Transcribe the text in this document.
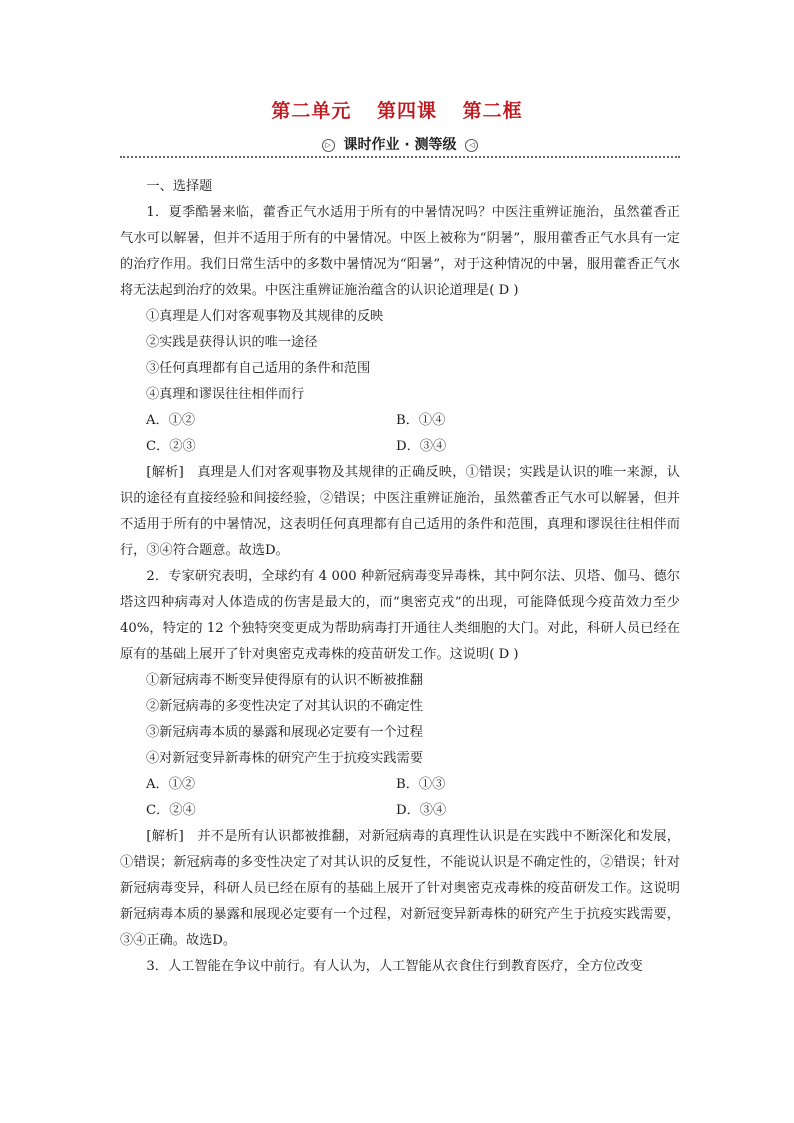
第二单元 第四课 第二框
▷ 课时作业 · 测等级 ◁

一、选择题

1．夏季酷暑来临，藿香正气水适用于所有的中暑情况吗？中医注重辨证施治，虽然藿香正气水可以解暑，但并不适用于所有的中暑情况。中医上被称为“阴暑”，服用藿香正气水具有一定的治疗作用。我们日常生活中的多数中暑情况为“阳暑”，对于这种情况的中暑，服用藿香正气水将无法起到治疗的效果。中医注重辨证施治蕴含的认识论道理是( D )

①真理是人们对客观事物及其规律的反映

②实践是获得认识的唯一途径

③任何真理都有自己适用的条件和范围

④真理和谬误往往相伴而行

A．①②	B．①④
C．②③	D．③④

[解析]　真理是人们对客观事物及其规律的正确反映，①错误；实践是认识的唯一来源，认识的途径有直接经验和间接经验，②错误；中医注重辨证施治，虽然藿香正气水可以解暑，但并不适用于所有的中暑情况，这表明任何真理都有自己适用的条件和范围，真理和谬误往往相伴而行，③④符合题意。故选D。

2．专家研究表明，全球约有 4 000 种新冠病毒变异毒株，其中阿尔法、贝塔、伽马、德尔塔这四种病毒对人体造成的伤害是最大的，而“奥密克戎”的出现，可能降低现今疫苗效力至少 40%，特定的 12 个独特突变更成为帮助病毒打开通往人类细胞的大门。对此，科研人员已经在原有的基础上展开了针对奥密克戎毒株的疫苗研发工作。这说明( D )

①新冠病毒不断变异使得原有的认识不断被推翻

②新冠病毒的多变性决定了对其认识的不确定性

③新冠病毒本质的暴露和展现必定要有一个过程

④对新冠变异新毒株的研究产生于抗疫实践需要

A．①②	B．①③
C．②④	D．③④

[解析]　并不是所有认识都被推翻，对新冠病毒的真理性认识是在实践中不断深化和发展，①错误；新冠病毒的多变性决定了对其认识的反复性，不能说认识是不确定性的，②错误；针对新冠病毒变异，科研人员已经在原有的基础上展开了针对奥密克戎毒株的疫苗研发工作。这说明新冠病毒本质的暴露和展现必定要有一个过程，对新冠变异新毒株的研究产生于抗疫实践需要，③④正确。故选D。

3．人工智能在争议中前行。有人认为，人工智能从衣食住行到教育医疗，全方位改变
